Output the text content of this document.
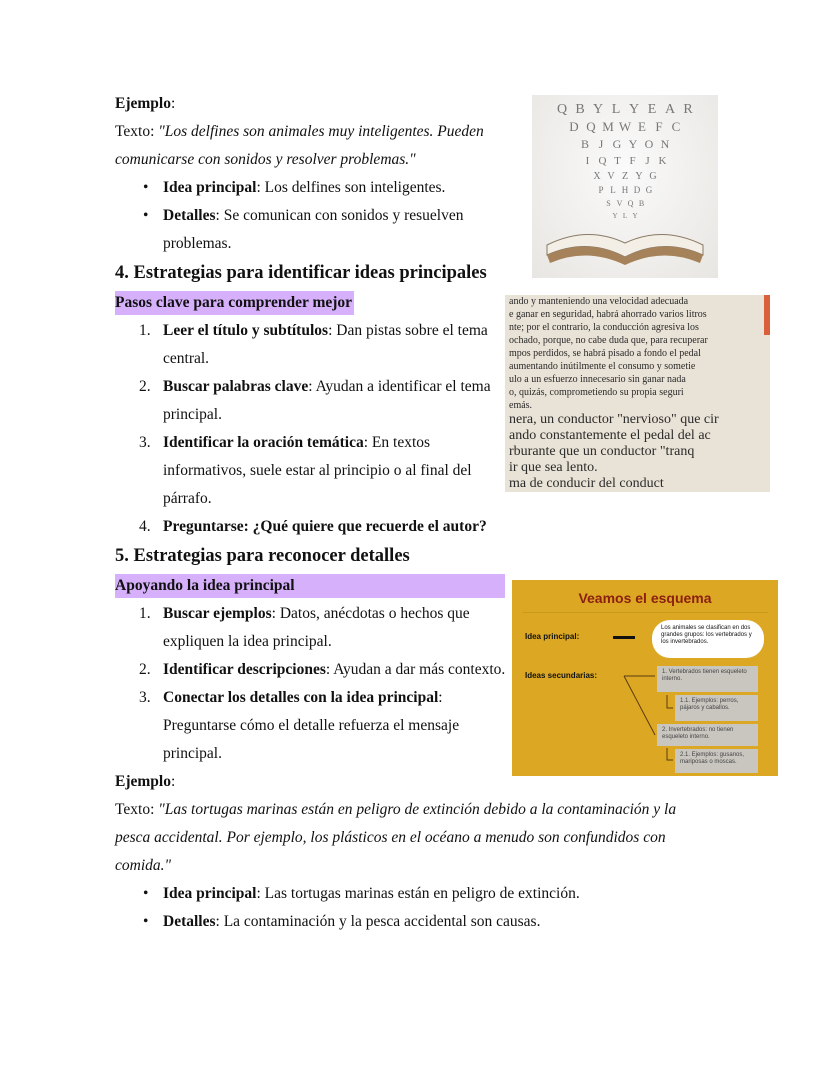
Ejemplo:

Texto: "Los delfines son animales muy inteligentes. Pueden comunicarse con sonidos y resolver problemas."

• Idea principal: Los delfines son inteligentes.
• Detalles: Se comunican con sonidos y resuelven problemas.
4. Estrategias para identificar ideas principales
Pasos clave para comprender mejor
1. Leer el título y subtítulos: Dan pistas sobre el tema central.
2. Buscar palabras clave: Ayudan a identificar el tema principal.
3. Identificar la oración temática: En textos informativos, suele estar al principio o al final del párrafo.
4. Preguntarse: ¿Qué quiere que recuerde el autor?
5. Estrategias para reconocer detalles
Apoyando la idea principal
1. Buscar ejemplos: Datos, anécdotas o hechos que expliquen la idea principal.
2. Identificar descripciones: Ayudan a dar más contexto.
3. Conectar los detalles con la idea principal: Preguntarse cómo el detalle refuerza el mensaje principal.

Ejemplo:

Texto: "Las tortugas marinas están en peligro de extinción debido a la contaminación y la pesca accidental. Por ejemplo, los plásticos en el océano a menudo son confundidos con comida."

• Idea principal: Las tortugas marinas están en peligro de extinción.
• Detalles: La contaminación y la pesca accidental son causas.
Q B Y L Y E A R
D Q M W E F C
B J G Y O N
I Q T F J K
X V Z Y G
P L H D G
S V Q B
Y L Y
ando y manteniendo una velocidad adecuada
e ganar en seguridad, habrá ahorrado varios litros
nte; por el contrario, la conducción agresiva los
ochado, porque, no cabe duda que, para recuperar
mpos perdidos, se habrá pisado a fondo el pedal
aumentando inútilmente el consumo y sometie
ulo a un esfuerzo innecesario sin ganar nada
o, quizás, comprometiendo su propia seguri
emás.
nera, un conductor "nervioso" que cir
ando constantemente el pedal del ac
rburante que un conductor "tranq
ir que sea lento.
ma de conducir del conduct
Veamos el esquema
Idea principal:
Los animales se clasifican en dos grandes grupos: los vertebrados y los invertebrados.
Ideas secundarias:	1. Vertebrados tienen esqueleto interno.
1.1. Ejemplos: perros, pájaros y caballos.
2. Invertebrados: no tienen esqueleto interno.
2.1. Ejemplos: gusanos, mariposas o moscas.
